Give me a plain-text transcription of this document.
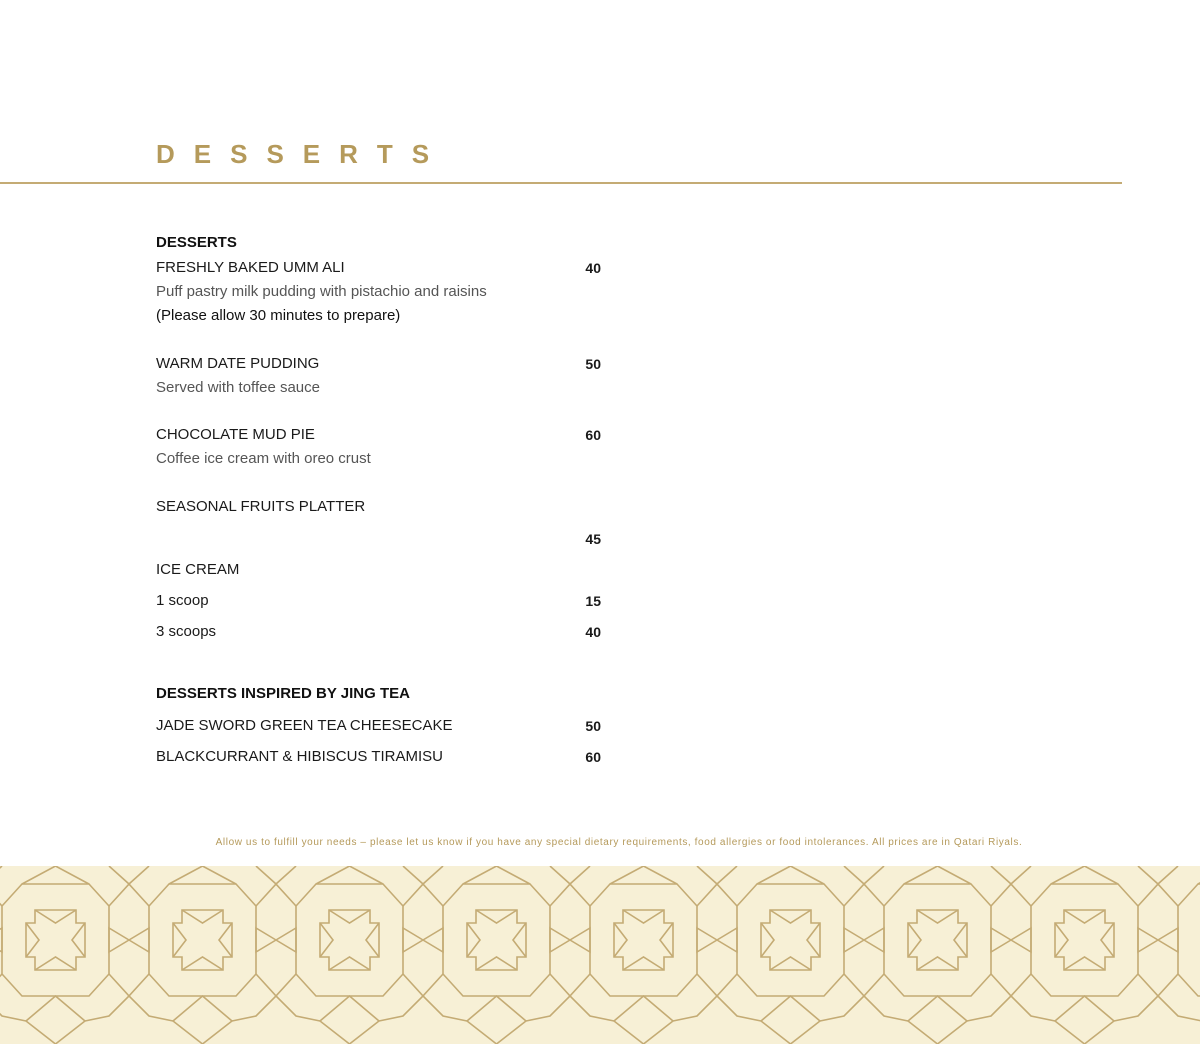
DESSERTS
DESSERTS
FRESHLY BAKED UMM ALI	40
Puff pastry milk pudding with pistachio and raisins
(Please allow 30 minutes to prepare)
WARM DATE PUDDING	50
Served with toffee sauce
CHOCOLATE MUD PIE	60
Coffee ice cream with oreo crust
SEASONAL FRUITS PLATTER
45
ICE CREAM
1 scoop	15
3 scoops	40
DESSERTS INSPIRED BY JING TEA
JADE SWORD GREEN TEA CHEESECAKE	50
BLACKCURRANT & HIBISCUS TIRAMISU	60
Allow us to fulfill your needs – please let us know if you have any special dietary requirements, food allergies or food intolerances. All prices are in Qatari Riyals.
